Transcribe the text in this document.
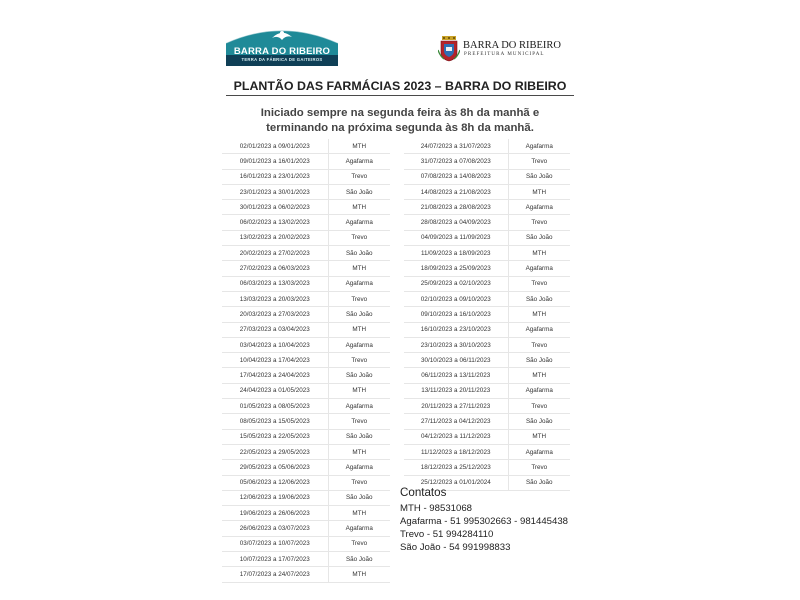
BARRA DO RIBEIRO
TERRA DA FÁBRICA DE GAITEIROS
BARRA DO RIBEIRO
PREFEITURA MUNICIPAL
PLANTÃO DAS FARMÁCIAS 2023 – BARRA DO RIBEIRO
Iniciado sempre na segunda feira às 8h da manhã e
terminando na próxima segunda às 8h da manhã.
02/01/2023 a 09/01/2023	MTH
09/01/2023 a 16/01/2023	Agafarma
16/01/2023 a 23/01/2023	Trevo
23/01/2023 a 30/01/2023	São João
30/01/2023 a 06/02/2023	MTH
06/02/2023 a 13/02/2023	Agafarma
13/02/2023 a 20/02/2023	Trevo
20/02/2023 a 27/02/2023	São João
27/02/2023 a 06/03/2023	MTH
06/03/2023 a 13/03/2023	Agafarma
13/03/2023 a 20/03/2023	Trevo
20/03/2023 a 27/03/2023	São João
27/03/2023 a 03/04/2023	MTH
03/04/2023 a 10/04/2023	Agafarma
10/04/2023 a 17/04/2023	Trevo
17/04/2023 a 24/04/2023	São João
24/04/2023 a 01/05/2023	MTH
01/05/2023 a 08/05/2023	Agafarma
08/05/2023 a 15/05/2023	Trevo
15/05/2023 a 22/05/2023	São João
22/05/2023 a 29/05/2023	MTH
29/05/2023 a 05/06/2023	Agafarma
05/06/2023 a 12/06/2023	Trevo
12/06/2023 a 19/06/2023	São João
19/06/2023 a 26/06/2023	MTH
26/06/2023 a 03/07/2023	Agafarma
03/07/2023 a 10/07/2023	Trevo
10/07/2023 a 17/07/2023	São João
17/07/2023 a 24/07/2023	MTH
24/07/2023 a 31/07/2023	Agafarma
31/07/2023 a 07/08/2023	Trevo
07/08/2023 a 14/08/2023	São João
14/08/2023 a 21/08/2023	MTH
21/08/2023 a 28/08/2023	Agafarma
28/08/2023 a 04/09/2023	Trevo
04/09/2023 a 11/09/2023	São João
11/09/2023 a 18/09/2023	MTH
18/09/2023 a 25/09/2023	Agafarma
25/09/2023 a 02/10/2023	Trevo
02/10/2023 a 09/10/2023	São João
09/10/2023 a 16/10/2023	MTH
16/10/2023 a 23/10/2023	Agafarma
23/10/2023 a 30/10/2023	Trevo
30/10/2023 a 06/11/2023	São João
06/11/2023 a 13/11/2023	MTH
13/11/2023 a 20/11/2023	Agafarma
20/11/2023 a 27/11/2023	Trevo
27/11/2023 a 04/12/2023	São João
04/12/2023 a 11/12/2023	MTH
11/12/2023 a 18/12/2023	Agafarma
18/12/2023 a 25/12/2023	Trevo
25/12/2023 a 01/01/2024	São João
Contatos
MTH - 98531068
Agafarma - 51 995302663 - 981445438
Trevo - 51 994284110
São João - 54 991998833
